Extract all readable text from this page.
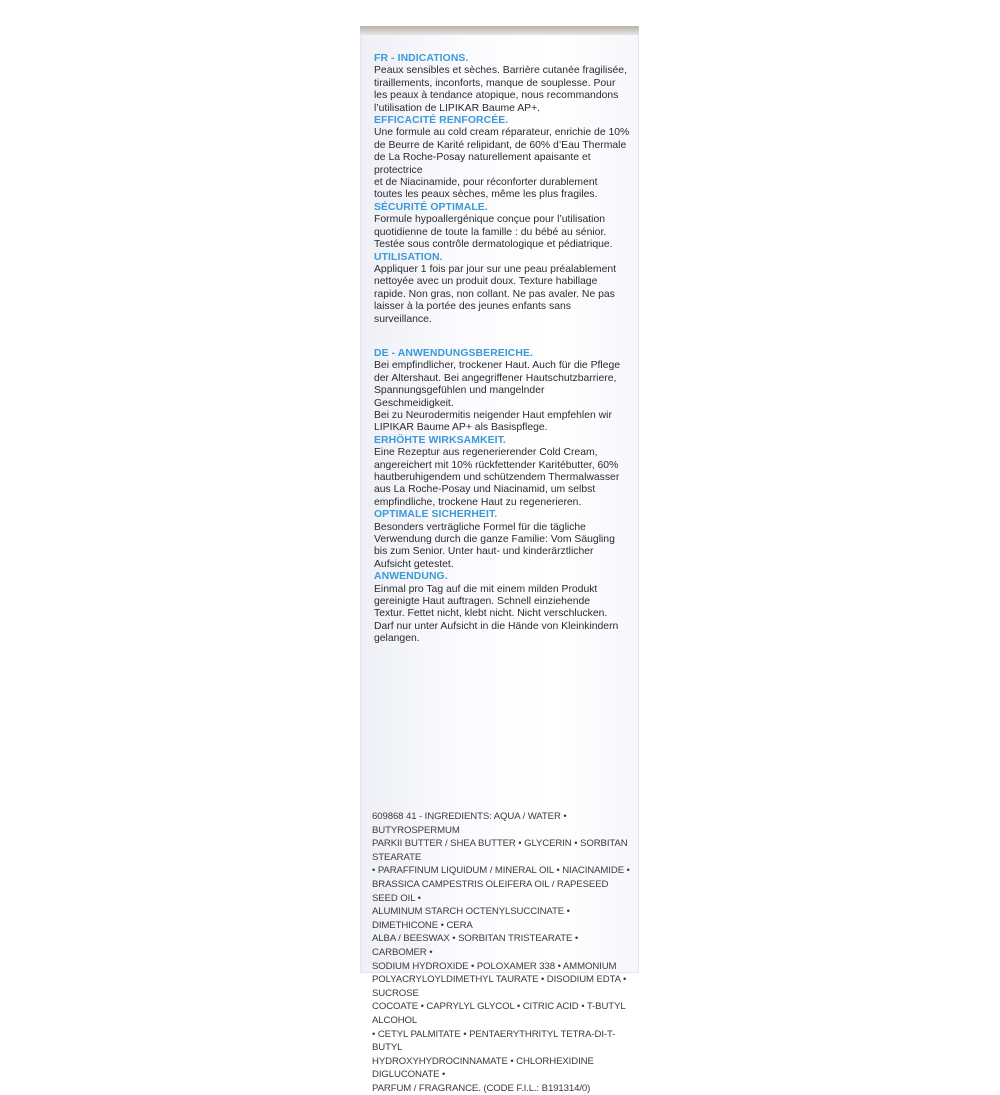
FR - INDICATIONS.
Peaux sensibles et sèches. Barrière cutanée fragilisée,
tiraillements, inconforts, manque de souplesse. Pour
les peaux à tendance atopique, nous recommandons
l’utilisation de LIPIKAR Baume AP+.
EFFICACITÉ RENFORCÉE.
Une formule au cold cream réparateur, enrichie de 10%
de Beurre de Karité relipidant, de 60% d’Eau Thermale
de La Roche-Posay naturellement apaisante et protectrice
et de Niacinamide, pour réconforter durablement
toutes les peaux sèches, même les plus fragiles.
SÉCURITÉ OPTIMALE.
Formule hypoallergénique conçue pour l’utilisation
quotidienne de toute la famille : du bébé au sénior.
Testée sous contrôle dermatologique et pédiatrique.
UTILISATION.
Appliquer 1 fois par jour sur une peau préalablement
nettoyée avec un produit doux. Texture habillage
rapide. Non gras, non collant. Ne pas avaler. Ne pas
laisser à la portée des jeunes enfants sans
surveillance.
DE - ANWENDUNGSBEREICHE.
Bei empfindlicher, trockener Haut. Auch für die Pflege
der Altershaut. Bei angegriffener Hautschutzbarriere,
Spannungsgefühlen und mangelnder
Geschmeidigkeit.
Bei zu Neurodermitis neigender Haut empfehlen wir
LIPIKAR Baume AP+ als Basispflege.
ERHÖHTE WIRKSAMKEIT.
Eine Rezeptur aus regenerierender Cold Cream,
angereichert mit 10% rückfettender Karitébutter, 60%
hautberuhigendem und schützendem Thermalwasser
aus La Roche-Posay und Niacinamid, um selbst
empfindliche, trockene Haut zu regenerieren.
OPTIMALE SICHERHEIT.
Besonders verträgliche Formel für die tägliche
Verwendung durch die ganze Familie: Vom Säugling
bis zum Senior. Unter haut- und kinderärztlicher
Aufsicht getestet.
ANWENDUNG.
Einmal pro Tag auf die mit einem milden Produkt
gereinigte Haut auftragen. Schnell einziehende
Textur. Fettet nicht, klebt nicht. Nicht verschlucken.
Darf nur unter Aufsicht in die Hände von Kleinkindern
gelangen.
609868 41 - INGREDIENTS: AQUA / WATER • BUTYROSPERMUM
PARKII BUTTER / SHEA BUTTER • GLYCERIN • SORBITAN STEARATE
• PARAFFINUM LIQUIDUM / MINERAL OIL • NIACINAMIDE •
BRASSICA CAMPESTRIS OLEIFERA OIL / RAPESEED SEED OIL •
ALUMINUM STARCH OCTENYLSUCCINATE • DIMETHICONE • CERA
ALBA / BEESWAX • SORBITAN TRISTEARATE • CARBOMER •
SODIUM HYDROXIDE • POLOXAMER 338 • AMMONIUM
POLYACRYLOYLDIMETHYL TAURATE • DISODIUM EDTA • SUCROSE
COCOATE • CAPRYLYL GLYCOL • CITRIC ACID • T-BUTYL ALCOHOL
• CETYL PALMITATE • PENTAERYTHRITYL TETRA-DI-T-BUTYL
HYDROXYHYDROCINNAMATE • CHLORHEXIDINE DIGLUCONATE •
PARFUM / FRAGRANCE. (CODE F.I.L.: B191314/0)
